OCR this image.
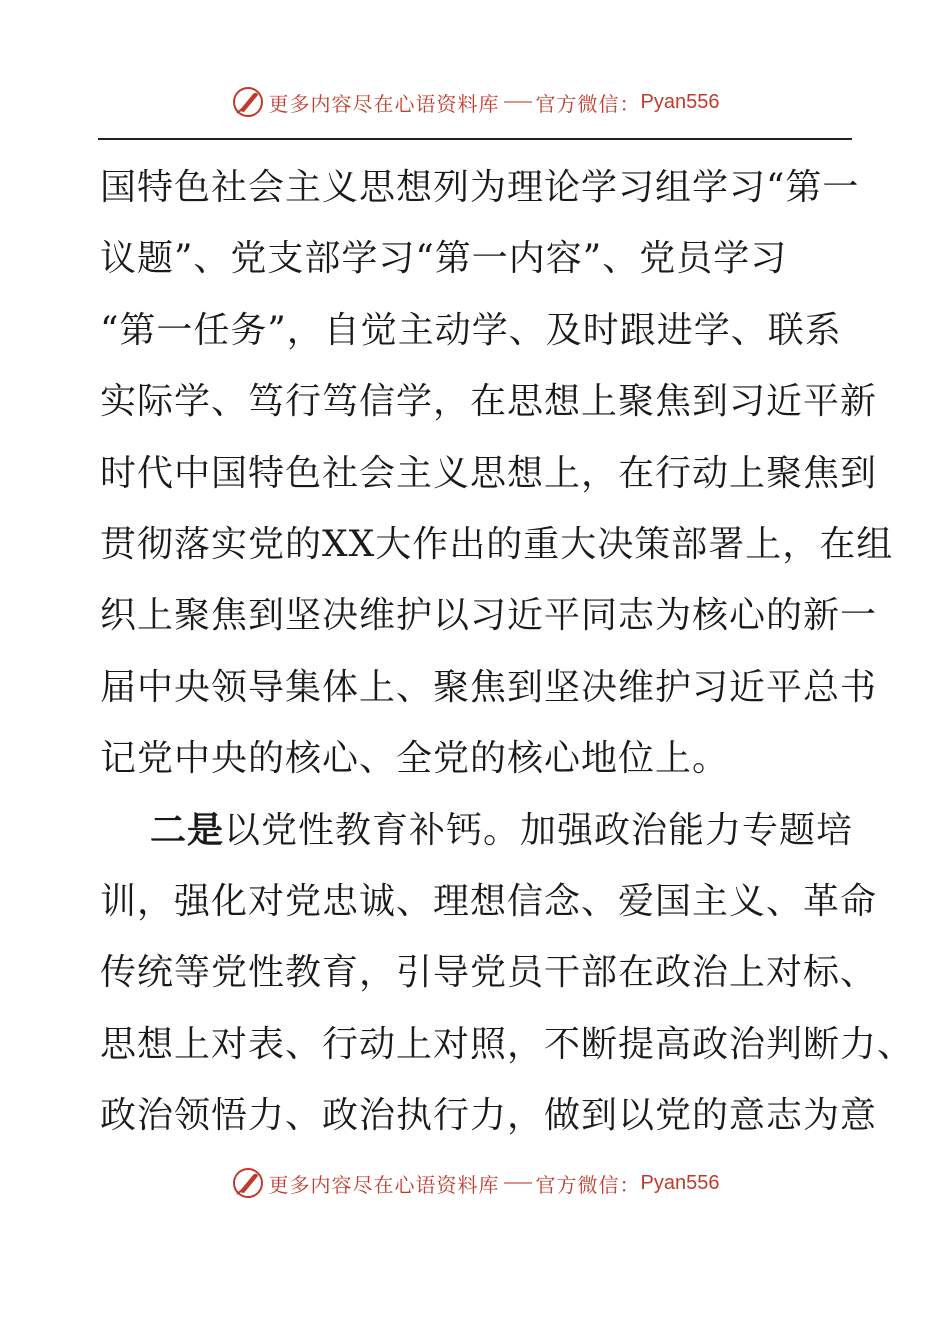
更多内容尽在心语资料库 官方微信： Pyan556
国特色社会主义思想列为理论学习组学习“第一
议题”、党支部学习“第一内容”、党员学习
“第一任务”，自觉主动学、及时跟进学、联系
实际学、笃行笃信学，在思想上聚焦到习近平新
时代中国特色社会主义思想上，在行动上聚焦到
贯彻落实党的XX大作出的重大决策部署上，在组
织上聚焦到坚决维护以习近平同志为核心的新一
届中央领导集体上、聚焦到坚决维护习近平总书
记党中央的核心、全党的核心地位上。
二是以党性教育补钙。加强政治能力专题培
训，强化对党忠诚、理想信念、爱国主义、革命
传统等党性教育，引导党员干部在政治上对标、
思想上对表、行动上对照，不断提高政治判断力、
政治领悟力、政治执行力，做到以党的意志为意
更多内容尽在心语资料库 官方微信： Pyan556
